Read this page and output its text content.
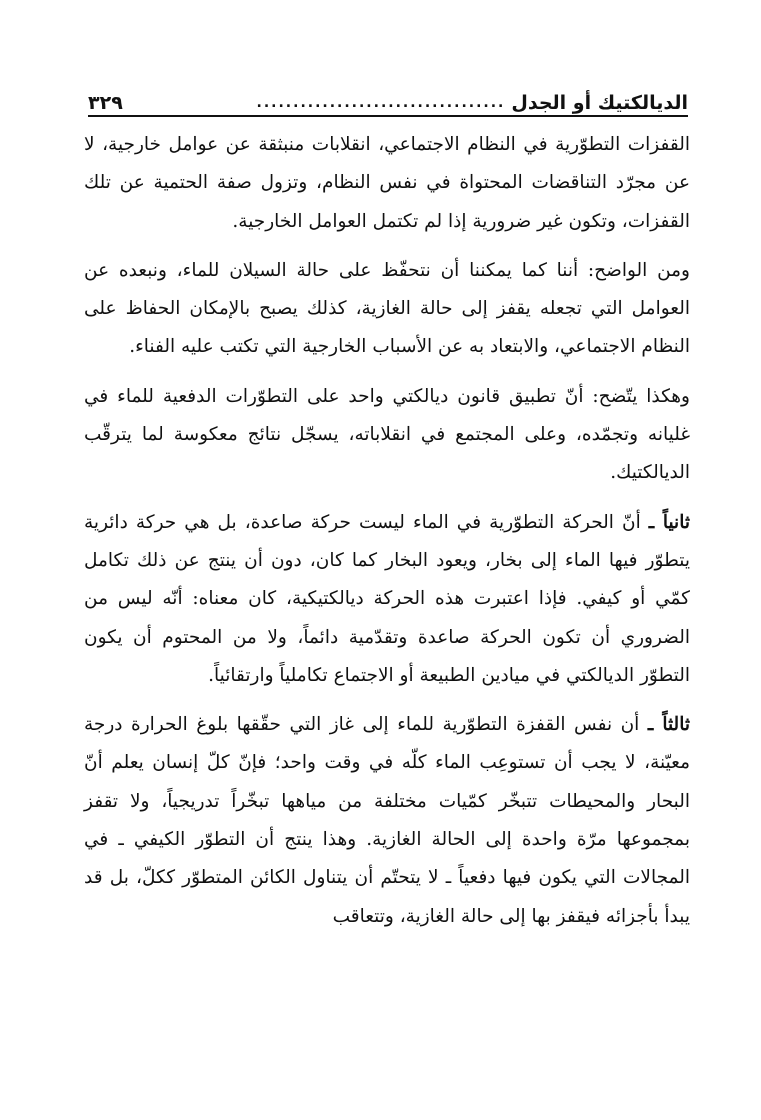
الديالكتيك أو الجدل
..................................
٣٢٩

القفزات التطوّرية في النظام الاجتماعي، انقلابات منبثقة عن عوامل خارجية، لا عن مجرّد التناقضات المحتواة في نفس النظام، وتزول صفة الحتمية عن تلك القفزات، وتكون غير ضرورية إذا لم تكتمل العوامل الخارجية.

ومن الواضح: أننا كما يمكننا أن نتحفّظ على حالة السيلان للماء، ونبعده عن العوامل التي تجعله يقفز إلى حالة الغازية، كذلك يصبح بالإمكان الحفاظ على النظام الاجتماعي، والابتعاد به عن الأسباب الخارجية التي تكتب عليه الفناء.

وهكذا يتّضح: أنّ تطبيق قانون ديالكتي واحد على التطوّرات الدفعية للماء في غليانه وتجمّده، وعلى المجتمع في انقلاباته، يسجّل نتائج معكوسة لما يترقّب الديالكتيك.

ثانياً ـ أنّ الحركة التطوّرية في الماء ليست حركة صاعدة، بل هي حركة دائرية يتطوّر فيها الماء إلى بخار، ويعود البخار كما كان، دون أن ينتج عن ذلك تكامل كمّي أو كيفي. فإذا اعتبرت هذه الحركة ديالكتيكية، كان معناه: أنّه ليس من الضروري أن تكون الحركة صاعدة وتقدّمية دائماً، ولا من المحتوم أن يكون التطوّر الديالكتي في ميادين الطبيعة أو الاجتماع تكاملياً وارتقائياً.

ثالثاً ـ أن نفس القفزة التطوّرية للماء إلى غاز التي حقّقها بلوغ الحرارة درجة معيّنة، لا يجب أن تستوعِب الماء كلّه في وقت واحد؛ فإنّ كلّ إنسان يعلم أنّ البحار والمحيطات تتبخّر كمّيات مختلفة من مياهها تبخّراً تدريجياً، ولا تقفز بمجموعها مرّة واحدة إلى الحالة الغازية. وهذا ينتج أن التطوّر الكيفي ـ في المجالات التي يكون فيها دفعياً ـ لا يتحتّم أن يتناول الكائن المتطوّر ككلّ، بل قد يبدأ بأجزائه فيقفز بها إلى حالة الغازية، وتتعاقب
